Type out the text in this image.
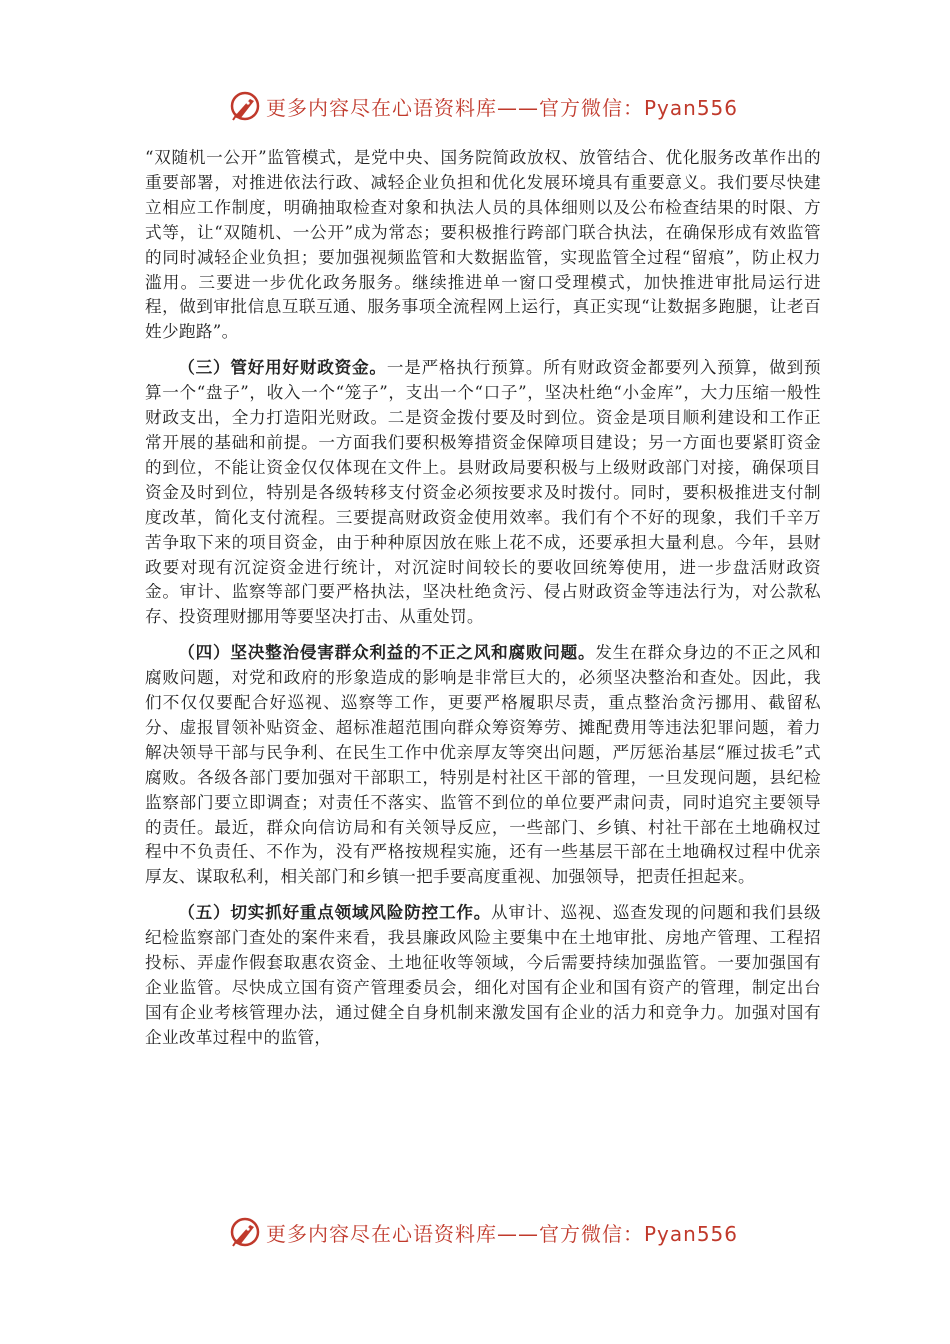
更多内容尽在心语资料库——官方微信：Pyan556

“双随机一公开”监管模式，是党中央、国务院简政放权、放管结合、优化服务改革作出的重要部署，对推进依法行政、减轻企业负担和优化发展环境具有重要意义。我们要尽快建立相应工作制度，明确抽取检查对象和执法人员的具体细则以及公布检查结果的时限、方式等，让“双随机、一公开”成为常态；要积极推行跨部门联合执法，在确保形成有效监管的同时减轻企业负担；要加强视频监管和大数据监管，实现监管全过程“留痕”，防止权力滥用。三要进一步优化政务服务。继续推进单一窗口受理模式，加快推进审批局运行进程，做到审批信息互联互通、服务事项全流程网上运行，真正实现“让数据多跑腿，让老百姓少跑路”。

（三）管好用好财政资金。一是严格执行预算。所有财政资金都要列入预算，做到预算一个“盘子”，收入一个“笼子”，支出一个“口子”，坚决杜绝“小金库”，大力压缩一般性财政支出，全力打造阳光财政。二是资金拨付要及时到位。资金是项目顺利建设和工作正常开展的基础和前提。一方面我们要积极筹措资金保障项目建设；另一方面也要紧盯资金的到位，不能让资金仅仅体现在文件上。县财政局要积极与上级财政部门对接，确保项目资金及时到位，特别是各级转移支付资金必须按要求及时拨付。同时，要积极推进支付制度改革，简化支付流程。三要提高财政资金使用效率。我们有个不好的现象，我们千辛万苦争取下来的项目资金，由于种种原因放在账上花不成，还要承担大量利息。今年，县财政要对现有沉淀资金进行统计，对沉淀时间较长的要收回统筹使用，进一步盘活财政资金。审计、监察等部门要严格执法，坚决杜绝贪污、侵占财政资金等违法行为，对公款私存、投资理财挪用等要坚决打击、从重处罚。

（四）坚决整治侵害群众利益的不正之风和腐败问题。发生在群众身边的不正之风和腐败问题，对党和政府的形象造成的影响是非常巨大的，必须坚决整治和查处。因此，我们不仅仅要配合好巡视、巡察等工作，更要严格履职尽责，重点整治贪污挪用、截留私分、虚报冒领补贴资金、超标准超范围向群众筹资筹劳、摊配费用等违法犯罪问题，着力解决领导干部与民争利、在民生工作中优亲厚友等突出问题，严厉惩治基层“雁过拔毛”式腐败。各级各部门要加强对干部职工，特别是村社区干部的管理，一旦发现问题，县纪检监察部门要立即调查；对责任不落实、监管不到位的单位要严肃问责，同时追究主要领导的责任。最近，群众向信访局和有关领导反应，一些部门、乡镇、村社干部在土地确权过程中不负责任、不作为，没有严格按规程实施，还有一些基层干部在土地确权过程中优亲厚友、谋取私利，相关部门和乡镇一把手要高度重视、加强领导，把责任担起来。

（五）切实抓好重点领域风险防控工作。从审计、巡视、巡查发现的问题和我们县级纪检监察部门查处的案件来看，我县廉政风险主要集中在土地审批、房地产管理、工程招投标、弄虚作假套取惠农资金、土地征收等领域，今后需要持续加强监管。一要加强国有企业监管。尽快成立国有资产管理委员会，细化对国有企业和国有资产的管理，制定出台国有企业考核管理办法，通过健全自身机制来激发国有企业的活力和竞争力。加强对国有企业改革过程中的监管，

更多内容尽在心语资料库——官方微信：Pyan556
